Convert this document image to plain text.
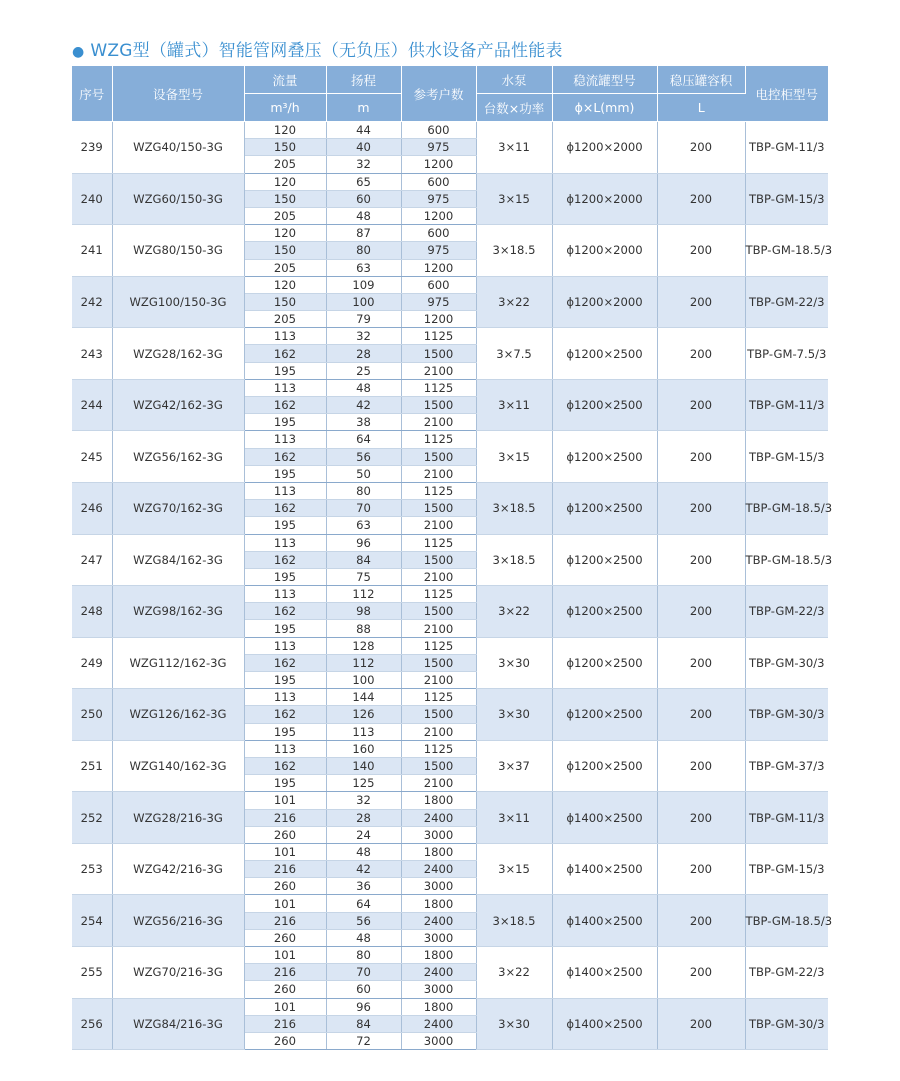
● WZG型（罐式）智能管网叠压（无负压）供水设备产品性能表
序号	设备型号	流量	扬程	参考户数	水泵	稳流罐型号	稳压罐容积	电控柜型号
		m³/h	m		台数×功率	ϕ×L(mm)	L	
239	WZG40/150-3G	120	44	600	3×11	ϕ1200×2000	200	TBP-GM-11/3
		150	40	975				
		205	32	1200				
240	WZG60/150-3G	120	65	600	3×15	ϕ1200×2000	200	TBP-GM-15/3
		150	60	975				
		205	48	1200				
241	WZG80/150-3G	120	87	600	3×18.5	ϕ1200×2000	200	TBP-GM-18.5/3
		150	80	975				
		205	63	1200				
242	WZG100/150-3G	120	109	600	3×22	ϕ1200×2000	200	TBP-GM-22/3
		150	100	975				
		205	79	1200				
243	WZG28/162-3G	113	32	1125	3×7.5	ϕ1200×2500	200	TBP-GM-7.5/3
		162	28	1500				
		195	25	2100				
244	WZG42/162-3G	113	48	1125	3×11	ϕ1200×2500	200	TBP-GM-11/3
		162	42	1500				
		195	38	2100				
245	WZG56/162-3G	113	64	1125	3×15	ϕ1200×2500	200	TBP-GM-15/3
		162	56	1500				
		195	50	2100				
246	WZG70/162-3G	113	80	1125	3×18.5	ϕ1200×2500	200	TBP-GM-18.5/3
		162	70	1500				
		195	63	2100				
247	WZG84/162-3G	113	96	1125	3×18.5	ϕ1200×2500	200	TBP-GM-18.5/3
		162	84	1500				
		195	75	2100				
248	WZG98/162-3G	113	112	1125	3×22	ϕ1200×2500	200	TBP-GM-22/3
		162	98	1500				
		195	88	2100				
249	WZG112/162-3G	113	128	1125	3×30	ϕ1200×2500	200	TBP-GM-30/3
		162	112	1500				
		195	100	2100				
250	WZG126/162-3G	113	144	1125	3×30	ϕ1200×2500	200	TBP-GM-30/3
		162	126	1500				
		195	113	2100				
251	WZG140/162-3G	113	160	1125	3×37	ϕ1200×2500	200	TBP-GM-37/3
		162	140	1500				
		195	125	2100				
252	WZG28/216-3G	101	32	1800	3×11	ϕ1400×2500	200	TBP-GM-11/3
		216	28	2400				
		260	24	3000				
253	WZG42/216-3G	101	48	1800	3×15	ϕ1400×2500	200	TBP-GM-15/3
		216	42	2400				
		260	36	3000				
254	WZG56/216-3G	101	64	1800	3×18.5	ϕ1400×2500	200	TBP-GM-18.5/3
		216	56	2400				
		260	48	3000				
255	WZG70/216-3G	101	80	1800	3×22	ϕ1400×2500	200	TBP-GM-22/3
		216	70	2400				
		260	60	3000				
256	WZG84/216-3G	101	96	1800	3×30	ϕ1400×2500	200	TBP-GM-30/3
		216	84	2400				
		260	72	3000				
